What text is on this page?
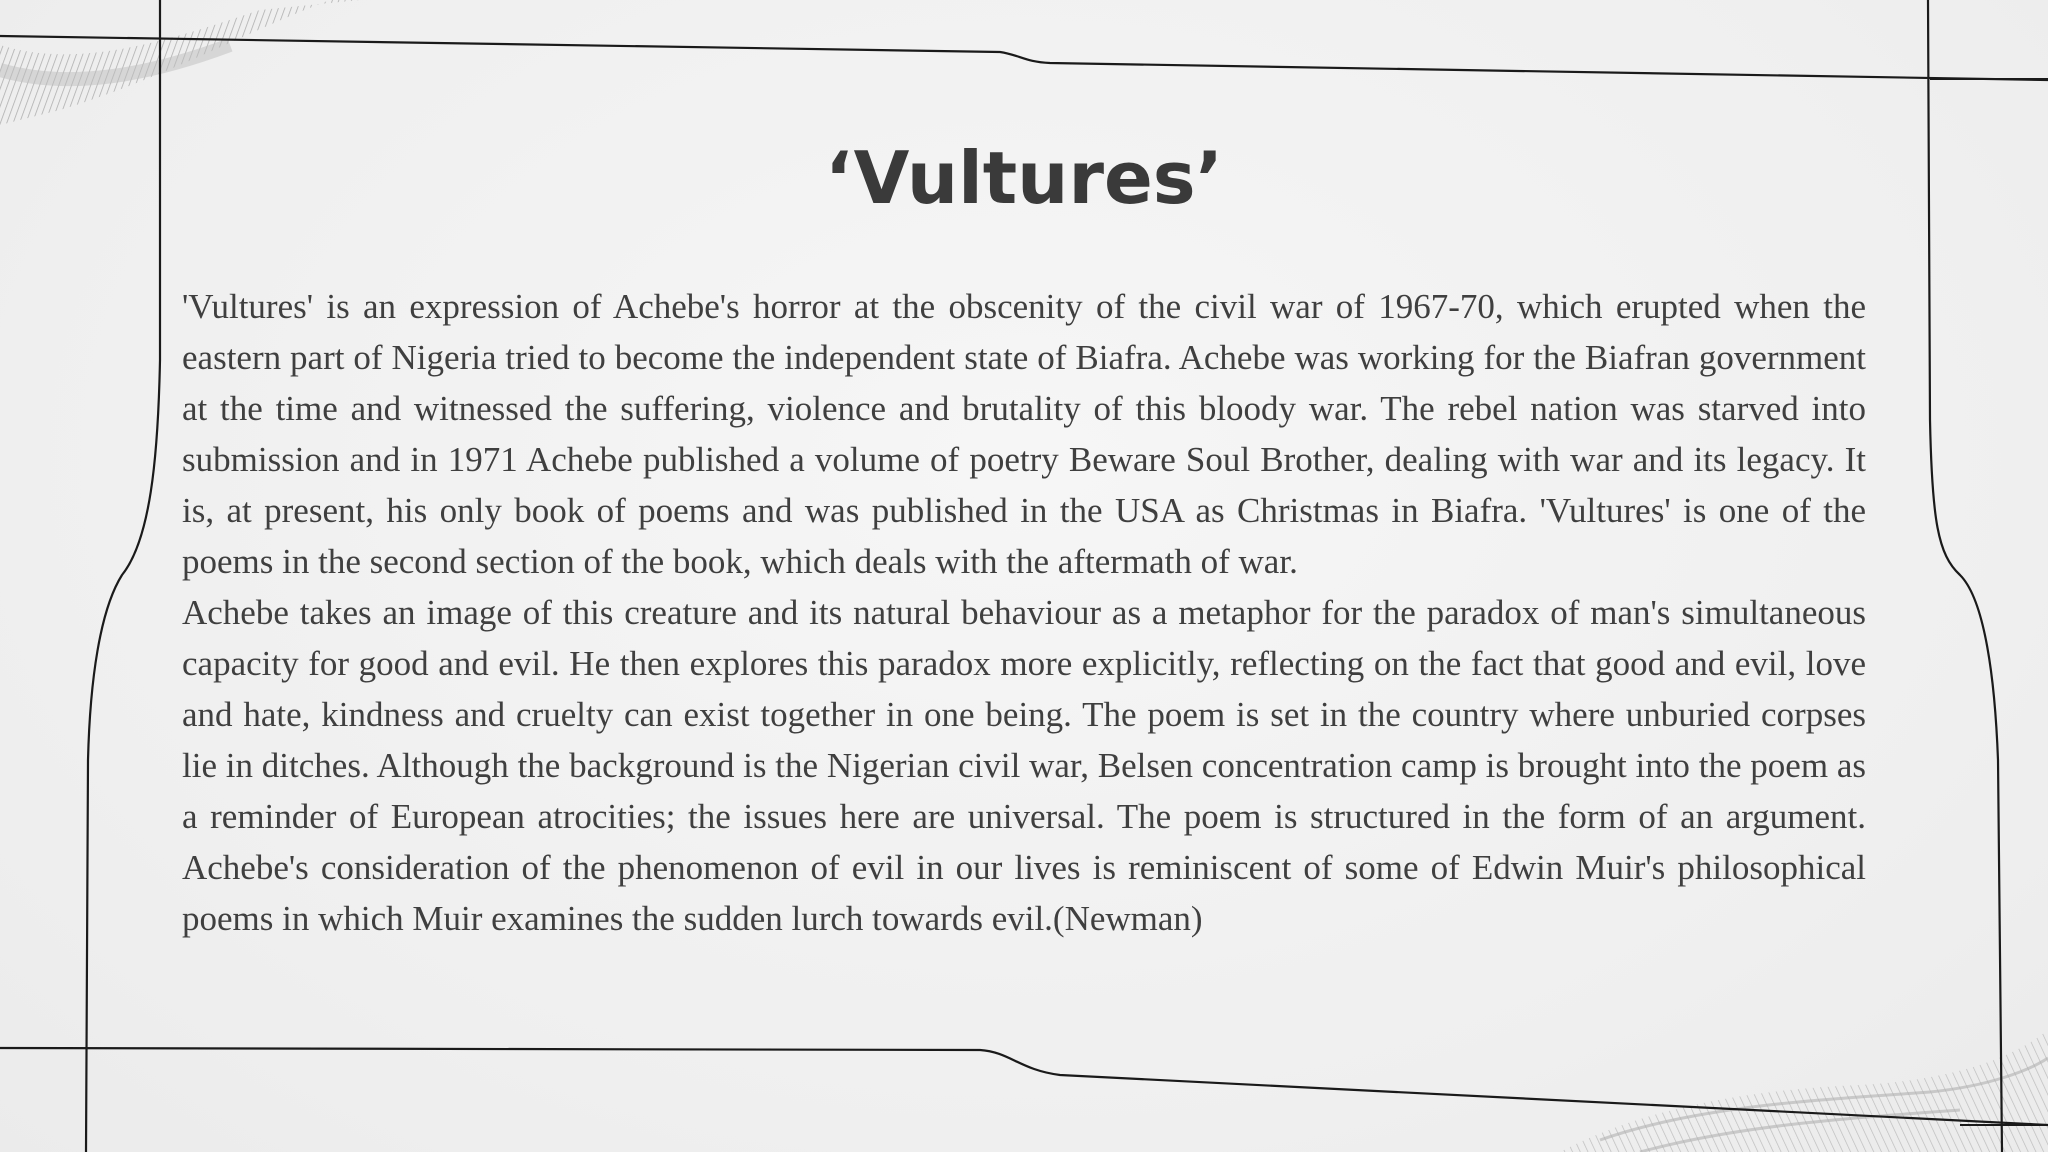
‘Vultures’

'Vultures' is an expression of Achebe's horror at the obscenity of the civil war of 1967-70, which erupted when the eastern part of Nigeria tried to become the independent state of Biafra. Achebe was working for the Biafran government at the time and witnessed the suffering, violence and brutality of this bloody war. The rebel nation was starved into submission and in 1971 Achebe published a volume of poetry Beware Soul Brother, dealing with war and its legacy. It is, at present, his only book of poems and was published in the USA as Christmas in Biafra. 'Vultures' is one of the poems in the second section of the book, which deals with the aftermath of war.

Achebe takes an image of this creature and its natural behaviour as a metaphor for the paradox of man's simultaneous capacity for good and evil. He then explores this paradox more explicitly, reflecting on the fact that good and evil, love and hate, kindness and cruelty can exist together in one being. The poem is set in the country where unburied corpses lie in ditches. Although the background is the Nigerian civil war, Belsen concentration camp is brought into the poem as a reminder of European atrocities; the issues here are universal. The poem is structured in the form of an argument. Achebe's consideration of the phenomenon of evil in our lives is reminiscent of some of Edwin Muir's philosophical poems in which Muir examines the sudden lurch towards evil.(Newman)
